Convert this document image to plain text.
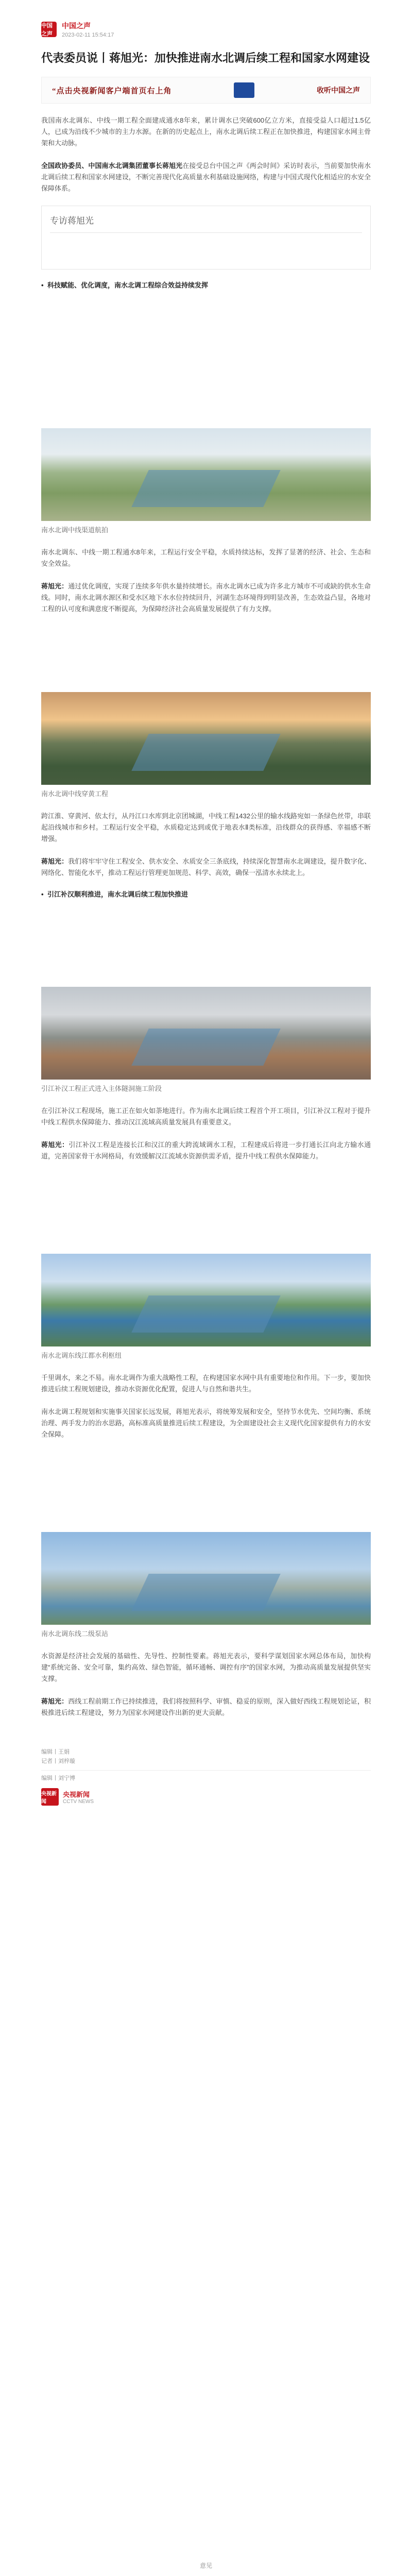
中国之声
中国之声
2023-02-11 15:54:17
代表委员说丨蒋旭光：加快推进南水北调后续工程和国家水网建设
“点击央视新闻客户端首页右上角	收听中国之声

我国南水北调东、中线一期工程全面建成通水8年来，累计调水已突破600亿立方米，直接受益人口超过1.5亿人，已成为沿线不少城市的主力水源。在新的历史起点上，南水北调后续工程正在加快推进，构建国家水网主骨架和大动脉。

全国政协委员、中国南水北调集团董事长蒋旭光在接受总台中国之声《两会时间》采访时表示，当前要加快南水北调后续工程和国家水网建设，不断完善现代化高质量水利基础设施网络，构建与中国式现代化相适应的水安全保障体系。

专访蒋旭光
• 科技赋能、优化调度，南水北调工程综合效益持续发挥
南水北调中线渠道航拍

南水北调东、中线一期工程通水8年来，工程运行安全平稳，水质持续达标，发挥了显著的经济、社会、生态和安全效益。

蒋旭光：通过优化调度，实现了连续多年供水量持续增长。南水北调水已成为许多北方城市不可或缺的供水生命线。同时，南水北调水源区和受水区地下水水位持续回升，河湖生态环境得到明显改善，生态效益凸显，各地对工程的认可度和满意度不断提高，为保障经济社会高质量发展提供了有力支撑。

南水北调中线穿黄工程

跨江淮、穿黄河、依太行，从丹江口水库到北京团城湖，中线工程1432公里的输水线路宛如一条绿色丝带，串联起沿线城市和乡村。工程运行安全平稳，水质稳定达到或优于地表水Ⅱ类标准，沿线群众的获得感、幸福感不断增强。

蒋旭光：我们将牢牢守住工程安全、供水安全、水质安全三条底线，持续深化智慧南水北调建设，提升数字化、网络化、智能化水平，推动工程运行管理更加规范、科学、高效，确保一泓清水永续北上。

• 引江补汉顺利推进，南水北调后续工程加快推进
引江补汉工程正式进入主体隧洞施工阶段

在引江补汉工程现场，施工正在如火如荼地进行。作为南水北调后续工程首个开工项目，引江补汉工程对于提升中线工程供水保障能力、推动汉江流域高质量发展具有重要意义。

蒋旭光：引江补汉工程是连接长江和汉江的重大跨流域调水工程，工程建成后将进一步打通长江向北方输水通道，完善国家骨干水网格局，有效缓解汉江流域水资源供需矛盾，提升中线工程供水保障能力。

南水北调东线江都水利枢纽

千里调水，来之不易。南水北调作为重大战略性工程，在构建国家水网中具有重要地位和作用。下一步，要加快推进后续工程规划建设，推动水资源优化配置，促进人与自然和谐共生。

南水北调工程规划和实施事关国家长远发展，蒋旭光表示，将统筹发展和安全，坚持节水优先、空间均衡、系统治理、两手发力的治水思路，高标准高质量推进后续工程建设，为全面建设社会主义现代化国家提供有力的水安全保障。

南水北调东线二级泵站

水资源是经济社会发展的基础性、先导性、控制性要素。蒋旭光表示，要科学谋划国家水网总体布局，加快构建“系统完备、安全可靠，集约高效、绿色智能，循环通畅、调控有序”的国家水网，为推动高质量发展提供坚实支撑。

蒋旭光：西线工程前期工作已持续推进，我们将按照科学、审慎、稳妥的原则，深入做好西线工程规划论证，积极推进后续工程建设，努力为国家水网建设作出新的更大贡献。

编辑丨王娟
记者丨刘梓璇
编辑丨刘宁博
央视新闻
央视新闻
CCTV NEWS
意见
